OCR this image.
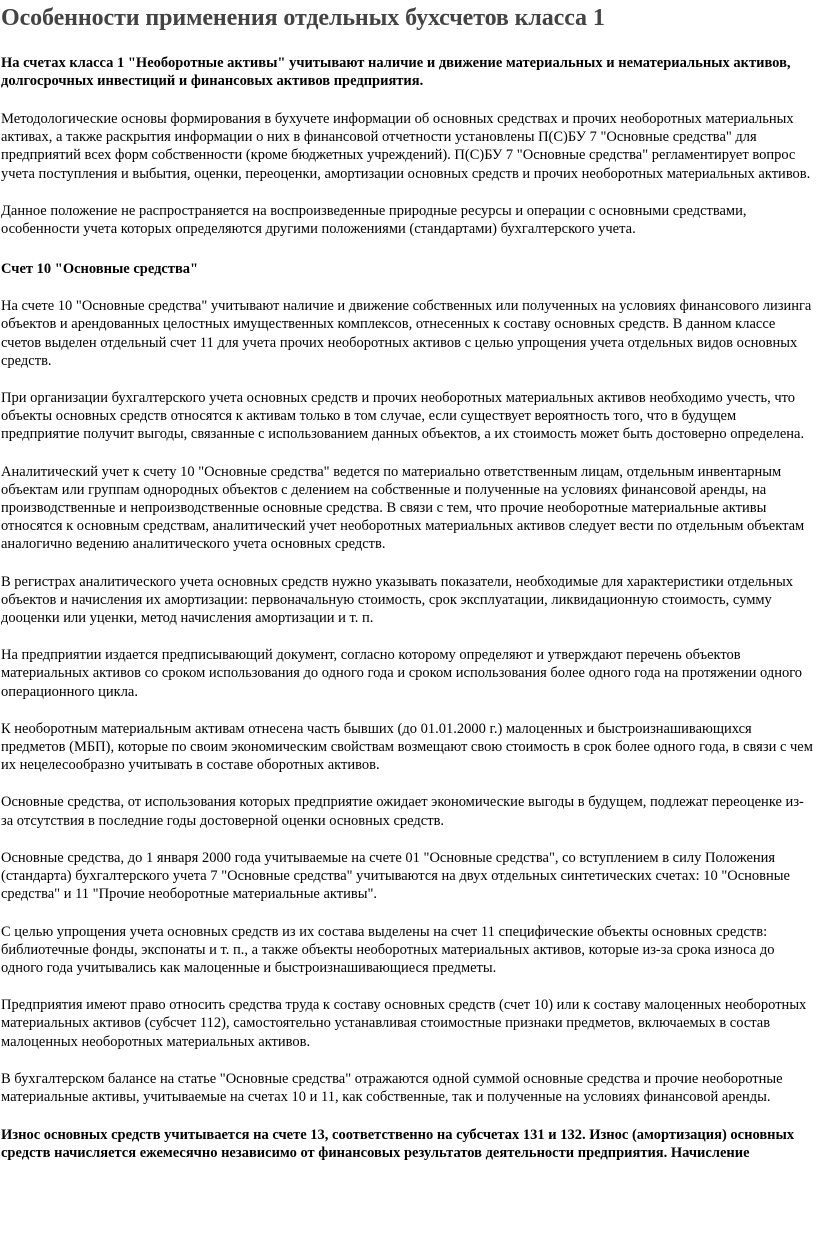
Особенности применения отдельных бухсчетов класса 1
На счетах класса 1 "Необоротные активы" учитывают наличие и движение материальных и нематериальных активов, долгосрочных инвестиций и финансовых активов предприятия.

Методологические основы формирования в бухучете информации об основных средствах и прочих необоротных материальных активах, а также раскрытия информации о них в финансовой отчетности установлены П(С)БУ 7 "Основные средства" для предприятий всех форм собственности (кроме бюджетных учреждений). П(С)БУ 7 "Основные средства" регламентирует вопрос учета поступления и выбытия, оценки, переоценки, амортизации основных средств и прочих необоротных материальных активов.

Данное положение не распространяется на воспроизведенные природные ресурсы и операции с основными средствами, особенности учета которых определяются другими положениями (стандартами) бухгалтерского учета.

Счет 10 "Основные средства"

На счете 10 "Основные средства" учитывают наличие и движение собственных или полученных на условиях финансового лизинга объектов и арендованных целостных имущественных комплексов, отнесенных к составу основных средств. В данном классе счетов выделен отдельный счет 11 для учета прочих необоротных активов с целью упрощения учета отдельных видов основных средств.

При организации бухгалтерского учета основных средств и прочих необоротных материальных активов необходимо учесть, что объекты основных средств относятся к активам только в том случае, если существует вероятность того, что в будущем предприятие получит выгоды, связанные с использованием данных объектов, а их стоимость может быть достоверно определена.

Аналитический учет к счету 10 "Основные средства" ведется по материально ответственным лицам, отдельным инвентарным объектам или группам однородных объектов с делением на собственные и полученные на условиях финансовой аренды, на производственные и непроизводственные основные средства. В связи с тем, что прочие необоротные материальные активы относятся к основным средствам, аналитический учет необоротных материальных активов следует вести по отдельным объектам аналогично ведению аналитического учета основных средств.

В регистрах аналитического учета основных средств нужно указывать показатели, необходимые для характеристики отдельных объектов и начисления их амортизации: первоначальную стоимость, срок эксплуатации, ликвидационную стоимость, сумму дооценки или уценки, метод начисления амортизации и т. п.

На предприятии издается предписывающий документ, согласно которому определяют и утверждают перечень объектов материальных активов со сроком использования до одного года и сроком использования более одного года на протяжении одного операционного цикла.

К необоротным материальным активам отнесена часть бывших (до 01.01.2000 г.) малоценных и быстроизнашивающихся предметов (МБП), которые по своим экономическим свойствам возмещают свою стоимость в срок более одного года, в связи с чем их нецелесообразно учитывать в составе оборотных активов.

Основные средства, от использования которых предприятие ожидает экономические выгоды в будущем, подлежат переоценке из-за отсутствия в последние годы достоверной оценки основных средств.

Основные средства, до 1 января 2000 года учитываемые на счете 01 "Основные средства", со вступлением в силу Положения (стандарта) бухгалтерского учета 7 "Основные средства" учитываются на двух отдельных синтетических счетах: 10 "Основные средства" и 11 "Прочие необоротные материальные активы".

С целью упрощения учета основных средств из их состава выделены на счет 11 специфические объекты основных средств: библиотечные фонды, экспонаты и т. п., а также объекты необоротных материальных активов, которые из-за срока износа до одного года учитывались как малоценные и быстроизнашивающиеся предметы.

Предприятия имеют право относить средства труда к составу основных средств (счет 10) или к составу малоценных необоротных материальных активов (субсчет 112), самостоятельно устанавливая стоимостные признаки предметов, включаемых в состав малоценных необоротных материальных активов.

В бухгалтерском балансе на статье "Основные средства" отражаются одной суммой основные средства и прочие необоротные материальные активы, учитываемые на счетах 10 и 11, как собственные, так и полученные на условиях финансовой аренды.

Износ основных средств учитывается на счете 13, соответственно на субсчетах 131 и 132. Износ (амортизация) основных средств начисляется ежемесячно независимо от финансовых результатов деятельности предприятия. Начисление
